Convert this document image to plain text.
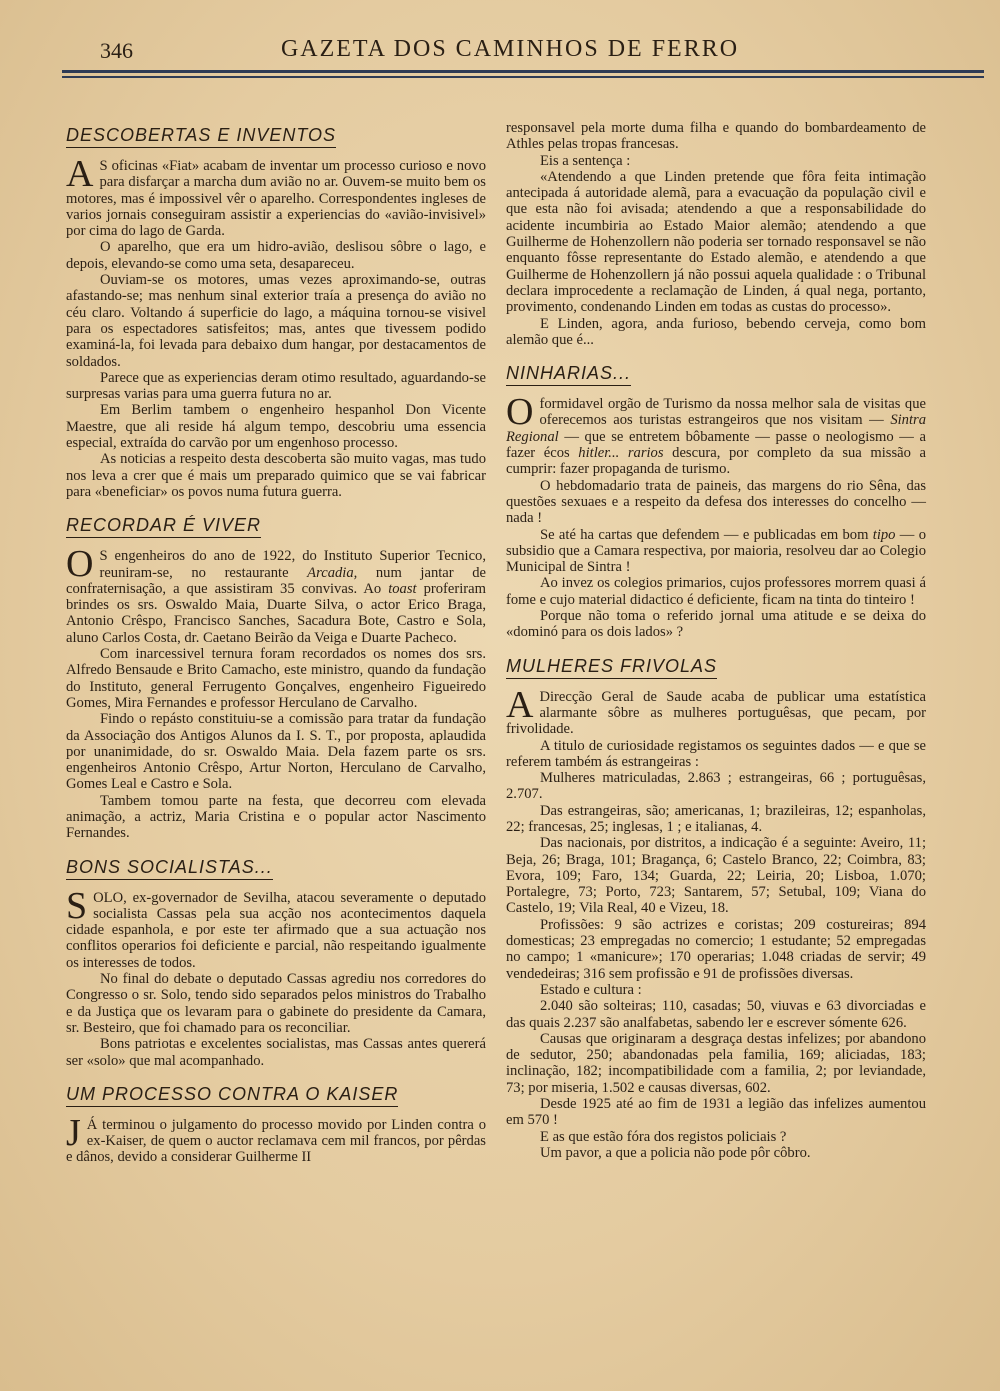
346	GAZETA DOS CAMINHOS DE FERRO
DESCOBERTAS E INVENTOS

A S oficinas «Fiat» acabam de inventar um processo curioso e novo para disfarçar a marcha dum avião no ar. Ouvem-se muito bem os motores, mas é impossivel vêr o aparelho. Correspondentes ingleses de varios jornais conseguiram assistir a experiencias do «avião-invisivel» por cima do lago de Garda.

O aparelho, que era um hidro-avião, deslisou sôbre o lago, e depois, elevando-se como uma seta, desapareceu.

Ouviam-se os motores, umas vezes aproximando-se, outras afastando-se; mas nenhum sinal exterior traía a presença do avião no céu claro. Voltando á superficie do lago, a máquina tornou-se visivel para os espectadores satisfeitos; mas, antes que tivessem podido examiná-la, foi levada para debaixo dum hangar, por destacamentos de soldados.

Parece que as experiencias deram otimo resultado, aguardando-se surpresas varias para uma guerra futura no ar.

Em Berlim tambem o engenheiro hespanhol Don Vicente Maestre, que ali reside há algum tempo, descobriu uma essencia especial, extraída do carvão por um engenhoso processo.

As noticias a respeito desta descoberta são muito vagas, mas tudo nos leva a crer que é mais um preparado quimico que se vai fabricar para «beneficiar» os povos numa futura guerra.

RECORDAR É VIVER

O S engenheiros do ano de 1922, do Instituto Superior Tecnico, reuniram-se, no restaurante Arcadia, num jantar de confraternisação, a que assistiram 35 convivas. Ao toast proferiram brindes os srs. Oswaldo Maia, Duarte Silva, o actor Erico Braga, Antonio Crêspo, Francisco Sanches, Sacadura Bote, Castro e Sola, aluno Carlos Costa, dr. Caetano Beirão da Veiga e Duarte Pacheco.

Com inarcessivel ternura foram recordados os nomes dos srs. Alfredo Bensaude e Brito Camacho, este ministro, quando da fundação do Instituto, general Ferrugento Gonçalves, engenheiro Figueiredo Gomes, Mira Fernandes e professor Herculano de Carvalho.

Findo o repásto constituiu-se a comissão para tratar da fundação da Associação dos Antigos Alunos da I. S. T., por proposta, aplaudida por unanimidade, do sr. Oswaldo Maia. Dela fazem parte os srs. engenheiros Antonio Crêspo, Artur Norton, Herculano de Carvalho, Gomes Leal e Castro e Sola.

Tambem tomou parte na festa, que decorreu com elevada animação, a actriz, Maria Cristina e o popular actor Nascimento Fernandes.

BONS SOCIALISTAS...

SOLO, ex-governador de Sevilha, atacou severamente o deputado socialista Cassas pela sua acção nos acontecimentos daquela cidade espanhola, e por este ter afirmado que a sua actuação nos conflitos operarios foi deficiente e parcial, não respeitando igualmente os interesses de todos.

No final do debate o deputado Cassas agrediu nos corredores do Congresso o sr. Solo, tendo sido separados pelos ministros do Trabalho e da Justiça que os levaram para o gabinete do presidente da Camara, sr. Besteiro, que foi chamado para os reconciliar.

Bons patriotas e excelentes socialistas, mas Cassas antes quererá ser «solo» que mal acompanhado.

UM PROCESSO CONTRA O KAISER

J Á terminou o julgamento do processo movido por Linden contra o ex-Kaiser, de quem o auctor reclamava cem mil francos, por pêrdas e dânos, devido a considerar Guilherme II

responsavel pela morte duma filha e quando do bombardeamento de Athles pelas tropas francesas.

Eis a sentença :

«Atendendo a que Linden pretende que fôra feita intimação antecipada á autoridade alemã, para a evacuação da população civil e que esta não foi avisada; atendendo a que a responsabilidade do acidente incumbiria ao Estado Maior alemão; atendendo a que Guilherme de Hohenzollern não poderia ser tornado responsavel se não enquanto fôsse representante do Estado alemão, e atendendo a que Guilherme de Hohenzollern já não possui aquela qualidade : o Tribunal declara improcedente a reclamação de Linden, á qual nega, portanto, provimento, condenando Linden em todas as custas do processo».

E Linden, agora, anda furioso, bebendo cerveja, como bom alemão que é...

NINHARIAS...

O formidavel orgão de Turismo da nossa melhor sala de visitas que oferecemos aos turistas estrangeiros que nos visitam — Sintra Regional — que se entretem bôbamente — passe o neologismo — a fazer écos hitler... rarios descura, por completo da sua missão a cumprir: fazer propaganda de turismo.

O hebdomadario trata de paineis, das margens do rio Sêna, das questões sexuaes e a respeito da defesa dos interesses do concelho — nada !

Se até ha cartas que defendem — e publicadas em bom tipo — o subsidio que a Camara respectiva, por maioria, resolveu dar ao Colegio Municipal de Sintra !

Ao invez os colegios primarios, cujos professores morrem quasi á fome e cujo material didactico é deficiente, ficam na tinta do tinteiro !

Porque não toma o referido jornal uma atitude e se deixa do «dominó para os dois lados» ?

MULHERES FRIVOLAS

A Direcção Geral de Saude acaba de publicar uma estatística alarmante sôbre as mulheres portuguêsas, que pecam, por frivolidade.

A titulo de curiosidade registamos os seguintes dados — e que se referem também ás estrangeiras :

Mulheres matriculadas, 2.863 ; estrangeiras, 66 ; portuguêsas, 2.707.

Das estrangeiras, são; americanas, 1; brazileiras, 12; espanholas, 22; francesas, 25; inglesas, 1 ; e italianas, 4.

Das nacionais, por distritos, a indicação é a seguinte: Aveiro, 11; Beja, 26; Braga, 101; Bragança, 6; Castelo Branco, 22; Coimbra, 83; Evora, 109; Faro, 134; Guarda, 22; Leiria, 20; Lisboa, 1.070; Portalegre, 73; Porto, 723; Santarem, 57; Setubal, 109; Viana do Castelo, 19; Vila Real, 40 e Vizeu, 18.

Profissões: 9 são actrizes e coristas; 209 costureiras; 894 domesticas; 23 empregadas no comercio; 1 estudante; 52 empregadas no campo; 1 «manicure»; 170 operarias; 1.048 criadas de servir; 49 vendedeiras; 316 sem profissão e 91 de profissões diversas.

Estado e cultura :

2.040 são solteiras; 110, casadas; 50, viuvas e 63 divorciadas e das quais 2.237 são analfabetas, sabendo ler e escrever sómente 626.

Causas que originaram a desgraça destas infelizes; por abandono de sedutor, 250; abandonadas pela familia, 169; aliciadas, 183; inclinação, 182; incompatibilidade com a familia, 2; por leviandade, 73; por miseria, 1.502 e causas diversas, 602.

Desde 1925 até ao fim de 1931 a legião das infelizes aumentou em 570 !

E as que estão fóra dos registos policiais ?

Um pavor, a que a policia não pode pôr côbro.
